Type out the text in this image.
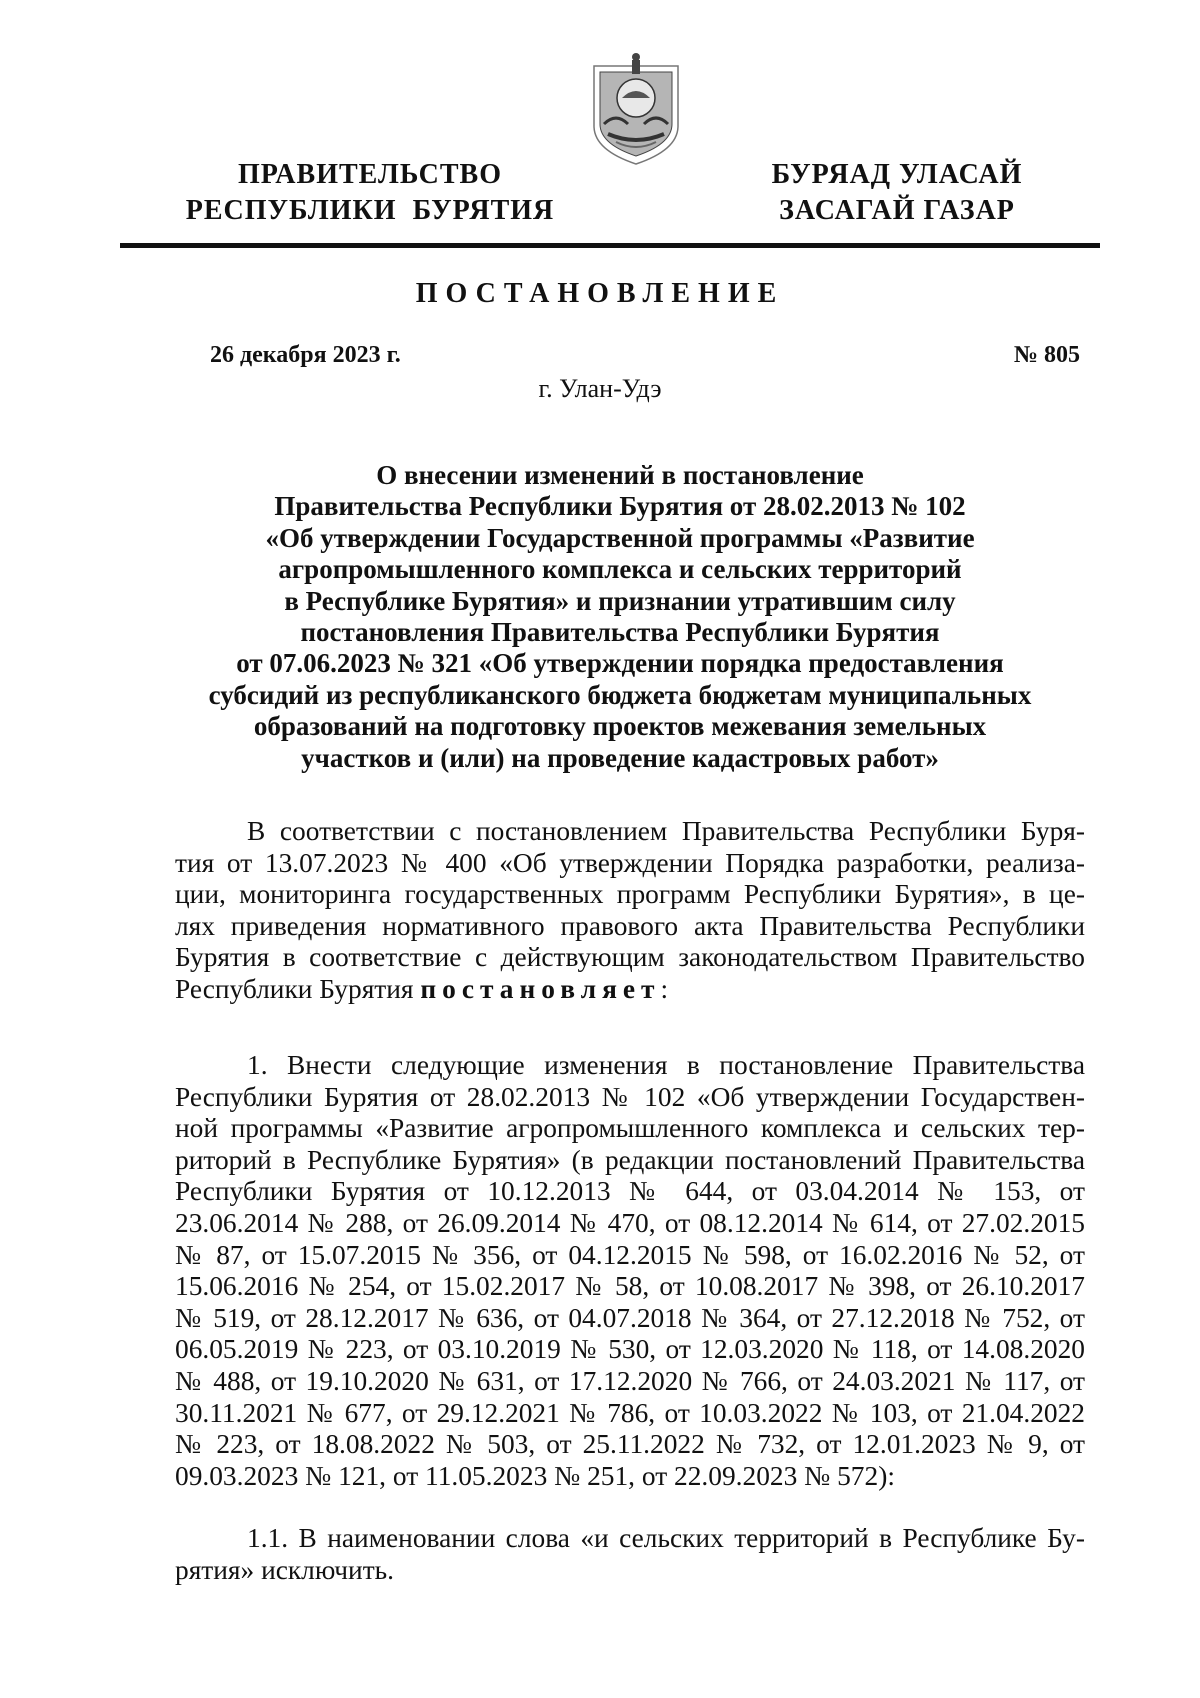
ПРАВИТЕЛЬСТВО
РЕСПУБЛИКИ  БУРЯТИЯ
БУРЯАД УЛАСАЙ
ЗАСАГАЙ ГАЗАР
ПОСТАНОВЛЕНИЕ
26 декабря 2023 г.	№ 805
г. Улан-Удэ
О внесении изменений в постановление
Правительства Республики Бурятия от 28.02.2013 № 102
«Об утверждении Государственной программы «Развитие
агропромышленного комплекса и сельских территорий
в Республике Бурятия» и признании утратившим силу
постановления Правительства Республики Бурятия
от 07.06.2023 № 321 «Об утверждении порядка предоставления
субсидий из республиканского бюджета бюджетам муниципальных
образований на подготовку проектов межевания земельных
участков и (или) на проведение кадастровых работ»
В соответствии с постановлением Правительства Республики Буря-
тия от 13.07.2023 № 400 «Об утверждении Порядка разработки, реализа-
ции, мониторинга государственных программ Республики Бурятия», в це-
лях приведения нормативного правового акта Правительства Республики
Бурятия в соответствие с действующим законодательством Правительство
Республики Бурятия постановляет:
1. Внести следующие изменения в постановление Правительства
Республики Бурятия от 28.02.2013 № 102 «Об утверждении Государствен-
ной программы «Развитие агропромышленного комплекса и сельских тер-
риторий в Республике Бурятия» (в редакции постановлений Правительства
Республики Бурятия от 10.12.2013 № 644, от 03.04.2014 № 153, от
23.06.2014 № 288, от 26.09.2014 № 470, от 08.12.2014 № 614, от 27.02.2015
№ 87, от 15.07.2015 № 356, от 04.12.2015 № 598, от 16.02.2016 № 52, от
15.06.2016 № 254, от 15.02.2017 № 58, от 10.08.2017 № 398, от 26.10.2017
№ 519, от 28.12.2017 № 636, от 04.07.2018 № 364, от 27.12.2018 № 752, от
06.05.2019 № 223, от 03.10.2019 № 530, от 12.03.2020 № 118, от 14.08.2020
№ 488, от 19.10.2020 № 631, от 17.12.2020 № 766, от 24.03.2021 № 117, от
30.11.2021 № 677, от 29.12.2021 № 786, от 10.03.2022 № 103, от 21.04.2022
№ 223, от 18.08.2022 № 503, от 25.11.2022 № 732, от 12.01.2023 № 9, от
09.03.2023 № 121, от 11.05.2023 № 251, от 22.09.2023 № 572):
1.1. В наименовании слова «и сельских территорий в Республике Бу-
рятия» исключить.
